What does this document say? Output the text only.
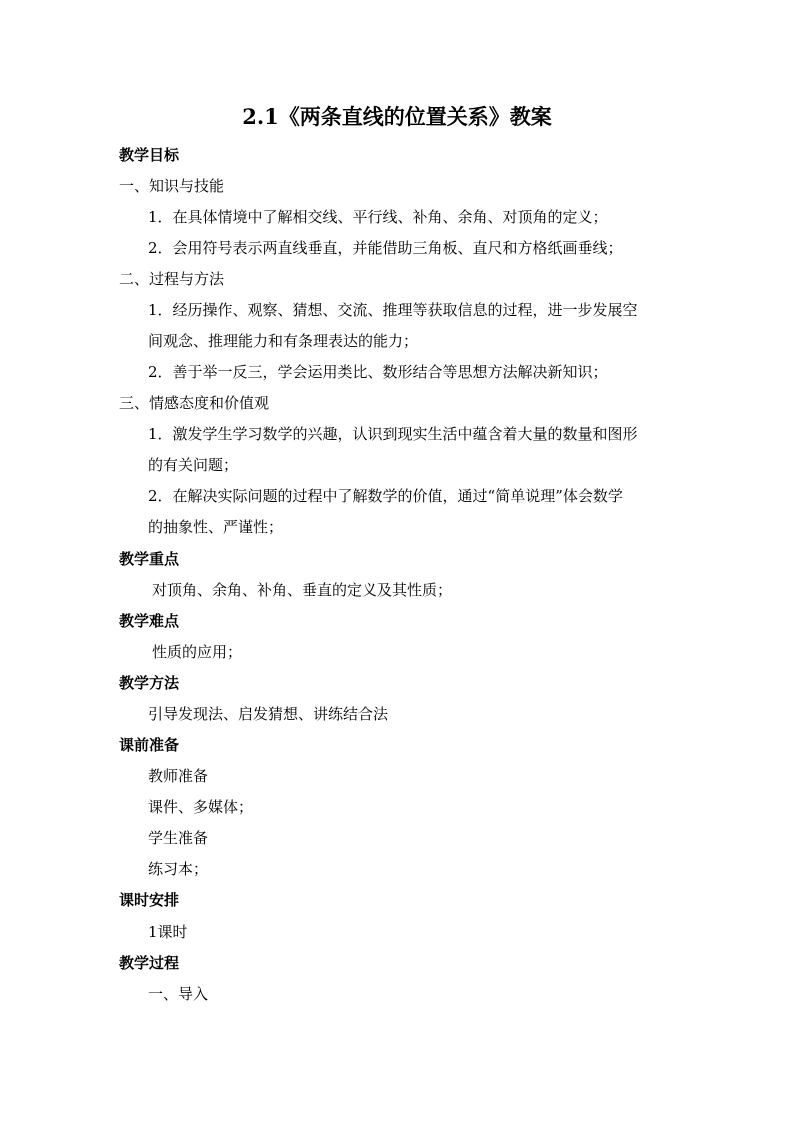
2.1《两条直线的位置关系》教案
教学目标
一、知识与技能
1．在具体情境中了解相交线、平行线、补角、余角、对顶角的定义；
2．会用符号表示两直线垂直，并能借助三角板、直尺和方格纸画垂线；
二、过程与方法
1．经历操作、观察、猜想、交流、推理等获取信息的过程，进一步发展空
间观念、推理能力和有条理表达的能力；
2．善于举一反三，学会运用类比、数形结合等思想方法解决新知识；
三、情感态度和价值观
1．激发学生学习数学的兴趣，认识到现实生活中蕴含着大量的数量和图形
的有关问题；
2．在解决实际问题的过程中了解数学的价值，通过“简单说理”体会数学
的抽象性、严谨性；
教学重点
对顶角、余角、补角、垂直的定义及其性质；
教学难点
性质的应用；
教学方法
引导发现法、启发猜想、讲练结合法
课前准备
教师准备
课件、多媒体；
学生准备
练习本；
课时安排
1课时
教学过程
一、导入
